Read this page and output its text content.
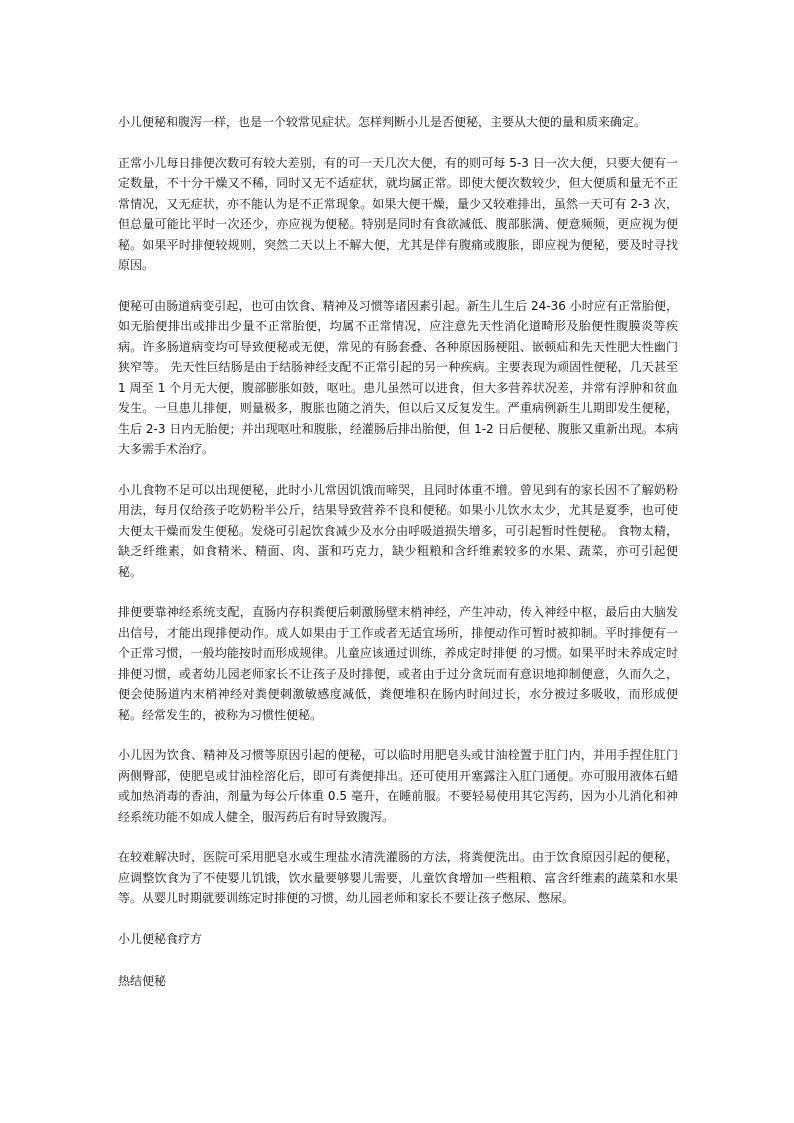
小儿便秘和腹泻一样，也是一个较常见症状。怎样判断小儿是否便秘，主要从大便的量和质来确定。

正常小儿每日排便次数可有较大差别，有的可一天几次大便，有的则可每 5-3 日一次大便，只要大便有一定数量，不十分干燥又不稀，同时又无不适症状，就均属正常。即使大便次数较少，但大便质和量无不正常情况，又无症状，亦不能认为是不正常现象。如果大便干燥，量少又较难排出，虽然一天可有 2-3 次，但总量可能比平时一次还少，亦应视为便秘。特别是同时有食欲减低、腹部胀满、便意频频，更应视为便秘。如果平时排便较规则，突然二天以上不解大便，尤其是伴有腹痛或腹胀，即应视为便秘，要及时寻找原因。

便秘可由肠道病变引起，也可由饮食、精神及习惯等诸因素引起。新生儿生后 24-36 小时应有正常胎便，如无胎便排出或排出少量不正常胎便，均属不正常情况，应注意先天性消化道畸形及胎便性腹膜炎等疾病。许多肠道病变均可导致便秘或无便，常见的有肠套叠、各种原因肠梗阻、嵌顿疝和先天性肥大性幽门狭窄等。 先天性巨结肠是由于结肠神经支配不正常引起的另一种疾病。主要表现为顽固性便秘，几天甚至 1 周至 1 个月无大便，腹部膨胀如鼓，呕吐。患儿虽然可以进食，但大多营养状况差，并常有浮肿和贫血发生。一旦患儿排便，则量极多，腹胀也随之消失，但以后又反复发生。严重病例新生儿期即发生便秘，生后 2-3 日内无胎便；并出现呕吐和腹胀，经灌肠后排出胎便，但 1-2 日后便秘、腹胀又重新出现。本病大多需手术治疗。

小儿食物不足可以出现便秘，此时小儿常因饥饿而啼哭，且同时体重不增。曾见到有的家长因不了解奶粉用法，每月仅给孩子吃奶粉半公斤，结果导致营养不良和便秘。如果小儿饮水太少，尤其是夏季，也可使大便太干燥而发生便秘。发烧可引起饮食减少及水分由呼吸道损失增多，可引起暂时性便秘。 食物太精，缺乏纤维素，如食精米、精面、肉、蛋和巧克力，缺少粗粮和含纤维素较多的水果、蔬菜，亦可引起便秘。

排便要靠神经系统支配，直肠内存积粪便后刺激肠壁末梢神经，产生冲动，传入神经中枢，最后由大脑发出信号，才能出现排便动作。成人如果由于工作或者无适宜场所，排便动作可暂时被抑制。平时排便有一个正常习惯，一般均能按时而形成规律。儿童应该通过训练，养成定时排便 的习惯。如果平时未养成定时排便习惯，或者幼儿园老师家长不让孩子及时排便，或者由于过分贪玩而有意识地抑制便意，久而久之，便会使肠道内末梢神经对粪便刺激敏感度减低，粪便堆积在肠内时间过长，水分被过多吸收，而形成便秘。经常发生的，被称为习惯性便秘。

小儿因为饮食、精神及习惯等原因引起的便秘，可以临时用肥皂头或甘油栓置于肛门内，并用手捏住肛门两侧臀部，使肥皂或甘油栓溶化后，即可有粪便排出。还可使用开塞露注入肛门通便。亦可服用液体石蜡或加热消毒的香油，剂量为每公斤体重 0.5 毫升，在睡前服。不要轻易使用其它泻药，因为小儿消化和神经系统功能不如成人健全，服泻药后有时导致腹泻。

在较难解决时，医院可采用肥皂水或生理盐水清洗灌肠的方法，将粪便洗出。由于饮食原因引起的便秘，应调整饮食为了不使婴儿饥饿，饮水量要够婴儿需要，儿童饮食增加一些粗粮、富含纤维素的蔬菜和水果等。从婴儿时期就要训练定时排便的习惯，幼儿园老师和家长不要让孩子憋尿、憋尿。

小儿便秘食疗方

热结便秘
